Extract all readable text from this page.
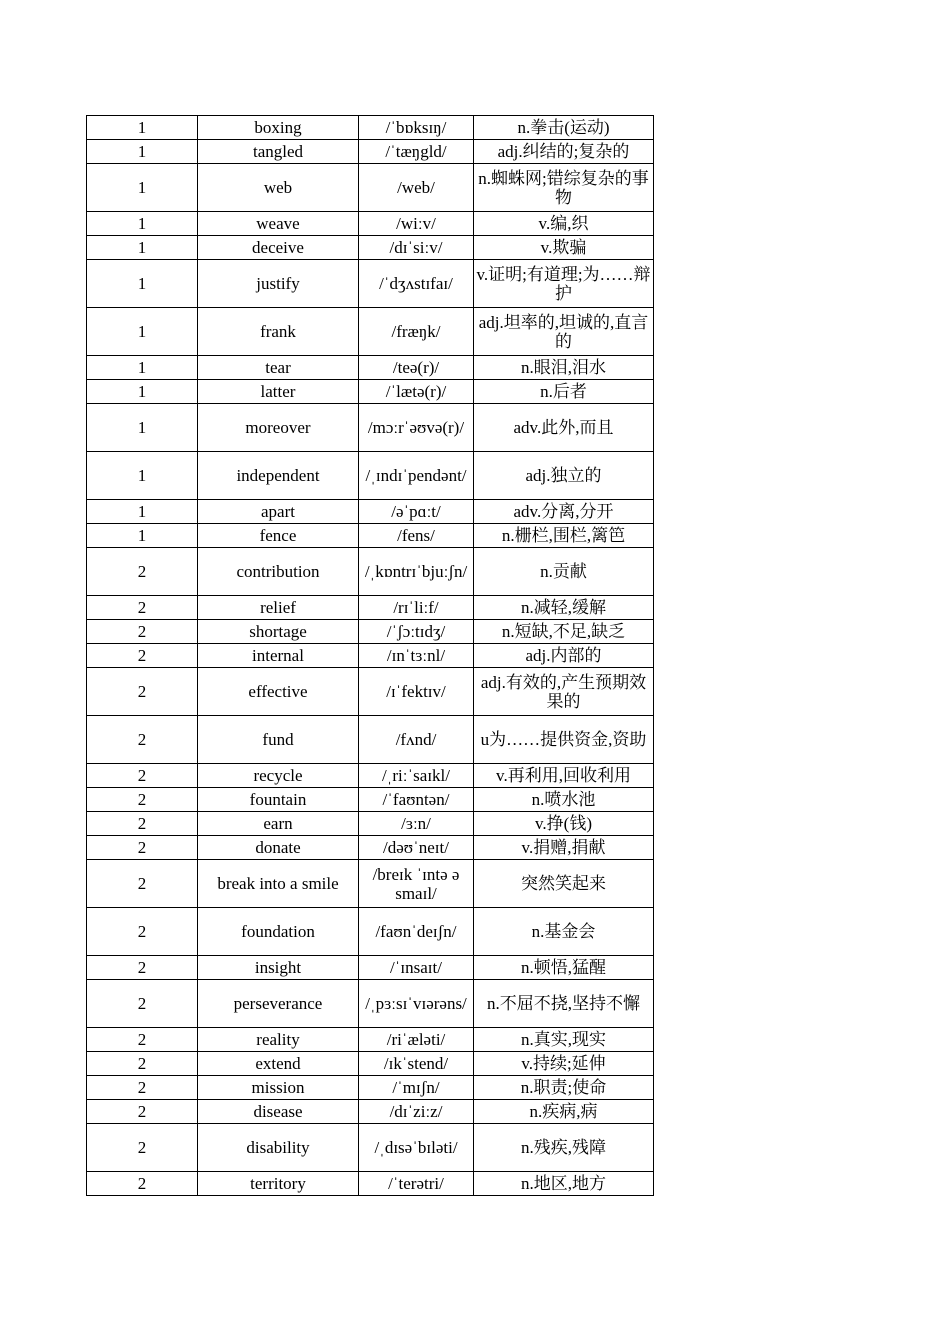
1	boxing	/ˈbɒksɪŋ/	n.拳击(运动)
1	tangled	/ˈtæŋgld/	adj.纠结的;复杂的
1	web	/web/	n.蜘蛛网;错综复杂的事物
1	weave	/wiːv/	v.编,织
1	deceive	/dɪˈsiːv/	v.欺骗
1	justify	/ˈdʒʌstɪfaɪ/	v.证明;有道理;为……辩护
1	frank	/fræŋk/	adj.坦率的,坦诚的,直言的
1	tear	/teə(r)/	n.眼泪,泪水
1	latter	/ˈlætə(r)/	n.后者
1	moreover	/mɔːrˈəʊvə(r)/	adv.此外,而且
1	independent	/ˌɪndɪˈpendənt/	adj.独立的
1	apart	/əˈpɑːt/	adv.分离,分开
1	fence	/fens/	n.栅栏,围栏,篱笆
2	contribution	/ˌkɒntrɪˈbjuːʃn/	n.贡献
2	relief	/rɪˈliːf/	n.减轻,缓解
2	shortage	/ˈʃɔːtɪdʒ/	n.短缺,不足,缺乏
2	internal	/ɪnˈtɜːnl/	adj.内部的
2	effective	/ɪˈfektɪv/	adj.有效的,产生预期效果的
2	fund	/fʌnd/	u为……提供资金,资助
2	recycle	/ˌriːˈsaɪkl/	v.再利用,回收利用
2	fountain	/ˈfaʊntən/	n.喷水池
2	earn	/ɜːn/	v.挣(钱)
2	donate	/dəʊˈneɪt/	v.捐赠,捐献
2	break into a smile	/breɪk ˈɪntə ə smaɪl/	突然笑起来
2	foundation	/faʊnˈdeɪʃn/	n.基金会
2	insight	/ˈɪnsaɪt/	n.顿悟,猛醒
2	perseverance	/ˌpɜːsɪˈvɪərəns/	n.不屈不挠,坚持不懈
2	reality	/riˈæləti/	n.真实,现实
2	extend	/ɪkˈstend/	v.持续;延伸
2	mission	/ˈmɪʃn/	n.职责;使命
2	disease	/dɪˈziːz/	n.疾病,病
2	disability	/ˌdɪsəˈbɪləti/	n.残疾,残障
2	territory	/ˈterətri/	n.地区,地方
